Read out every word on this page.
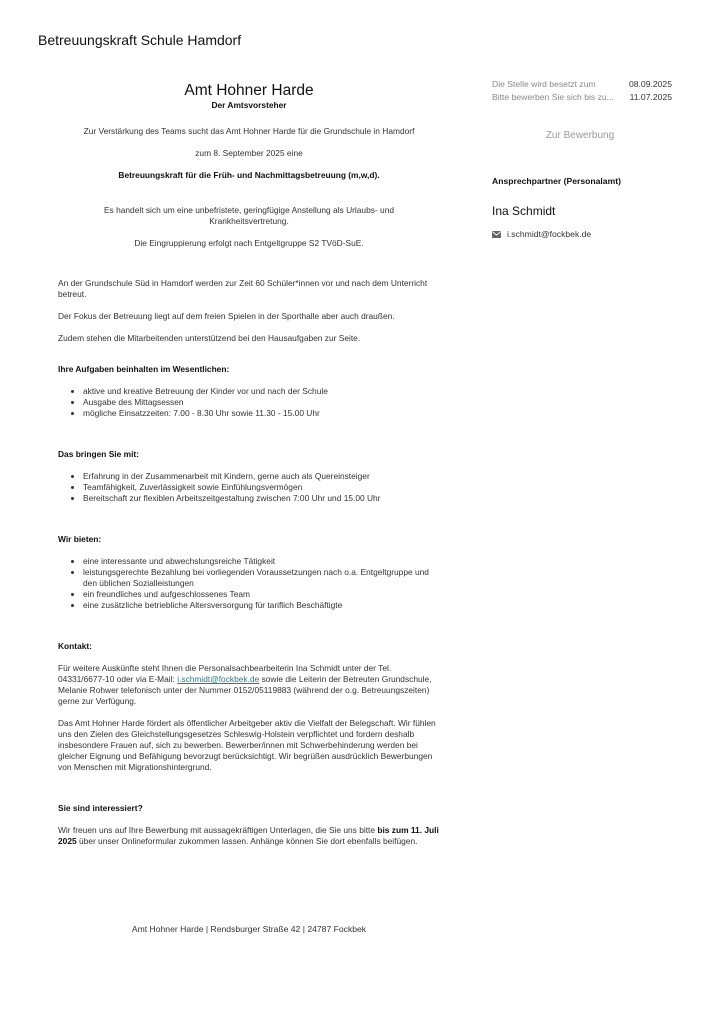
Betreuungskraft Schule Hamdorf
Amt Hohner Harde
Der Amtsvorsteher
Zur Verstärkung des Teams sucht das Amt Hohner Harde für die Grundschule in Hamdorf
zum 8. September 2025 eine
Betreuungskraft für die Früh- und Nachmittagsbetreuung (m,w,d).
Es handelt sich um eine unbefristete, geringfügige Anstellung als Urlaubs- und Krankheitsvertretung.
Die Eingruppierung erfolgt nach Entgeltgruppe S2 TVöD-SuE.
An der Grundschule Süd in Hamdorf werden zur Zeit 60 Schüler*innen vor und nach dem Unterricht betreut.
Der Fokus der Betreuung liegt auf dem freien Spielen in der Sporthalle aber auch draußen.
Zudem stehen die Mitarbeitenden unterstützend bei den Hausaufgaben zur Seite.
Ihre Aufgaben beinhalten im Wesentlichen:
• aktive und kreative Betreuung der Kinder vor und nach der Schule
• Ausgabe des Mittagsessen
• mögliche Einsatzzeiten: 7.00 - 8.30 Uhr sowie 11.30 - 15.00 Uhr
Das bringen Sie mit:
• Erfahrung in der Zusammenarbeit mit Kindern, gerne auch als Quereinsteiger
• Teamfähigkeit, Zuverlässigkeit sowie Einfühlungsvermögen
• Bereitschaft zur flexiblen Arbeitszeitgestaltung zwischen 7:00 Uhr und 15.00 Uhr
Wir bieten:
• eine interessante und abwechslungsreiche Tätigkeit
• leistungsgerechte Bezahlung bei vorliegenden Voraussetzungen nach o.a. Entgeltgruppe und den üblichen Sozialleistungen
• ein freundliches und aufgeschlossenes Team
• eine zusätzliche betriebliche Altersversorgung für tariflich Beschäftigte
Kontakt:
Für weitere Auskünfte steht Ihnen die Personalsachbearbeiterin Ina Schmidt unter der Tel. 04331/6677-10 oder via E-Mail: i.schmidt@fockbek.de sowie die Leiterin der Betreuten Grundschule, Melanie Rohwer telefonisch unter der Nummer 0152/05119883 (während der o.g. Betreuungszeiten) gerne zur Verfügung.
Das Amt Hohner Harde fördert als öffentlicher Arbeitgeber aktiv die Vielfalt der Belegschaft. Wir fühlen uns den Zielen des Gleichstellungsgesetzes Schleswig-Holstein verpflichtet und fordern deshalb insbesondere Frauen auf, sich zu bewerben. Bewerber/innen mit Schwerbehinderung werden bei gleicher Eignung und Befähigung bevorzugt berücksichtigt. Wir begrüßen ausdrücklich Bewerbungen von Menschen mit Migrationshintergrund.
Sie sind interessiert?
Wir freuen uns auf Ihre Bewerbung mit aussagekräftigen Unterlagen, die Sie uns bitte bis zum 11. Juli 2025 über unser Onlineformular zukommen lassen. Anhänge können Sie dort ebenfalls beifügen.
Amt Hohner Harde | Rendsburger Straße 42 | 24787 Fockbek
Die Stelle wird besetzt zum	08.09.2025
Bitte bewerben Sie sich bis zu...	11.07.2025
Zur Bewerbung
Ansprechpartner (Personalamt)
Ina Schmidt
i.schmidt@fockbek.de
